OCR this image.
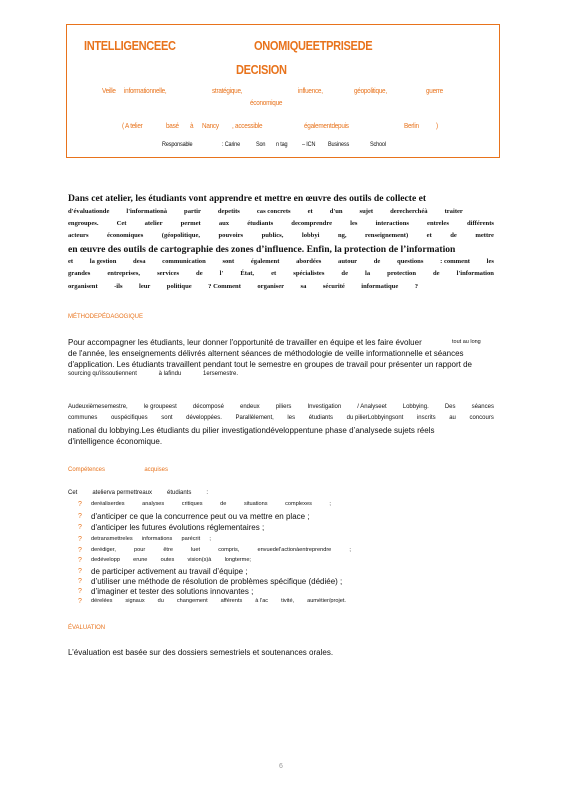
INTELLIGENCEEC	ONOMIQUEETPRISEDE
DECISION
Veille informationnelle,	stratégique,	influence,	géopolitique,	guerre
économique
( A telier	basé à Nancy , accessible	égalementdepuis	Berlin )
Responsable	: Carine Son n tag – ICN Business	School
Dans cet atelier, les étudiants vont apprendre et mettre en œuvre des outils de collecte et
d'évaluationde	l'informationà	partir	depetits	cas concrets	et	d'un	sujet	derecherchéà	traiter
engroupes.	Cet	atelier	permet	aux	étudiants	decomprendre	les	interactions	entreles	différents
acteurs	économiques	(géopolitique,	pouvoirs	publics,	lobbyi	ng,	renseignement)	et	de	mettre
en œuvre des outils de cartographie des zones d’influence. Enfin, la protection de l’information
et	la gestion	desa	communication	sont	également	abordées	autour	de	questions	: comment	les
grandes	entreprises,	services	de	l'	État,	et	spécialistes	de	la	protection	de	l'information
organisent -ils leur politique ? Comment organiser sa sécurité informatique ?
MÉTHODEPÉDAGOGIQUE
Pour accompagner les étudiants, leur donner l'opportunité de travailler en équipe et les faire évoluer	tout au long
de l'année, les enseignements délivrés alternent séances de méthodologie de veille informationnelle et séances
d'application. Les étudiants travaillent pendant tout le semestre en groupes de travail pour présenter un rapport de
sourcing qu'ilssoutiennent	à lafindu	1ersemestre.
Audeuxièmesemestre,	le groupeest	décomposé	endeux	piliers	Investigation	/ Analyseet	Lobbying.	Des	séances
communes ouspécifiques sont développées. Parallèlement, les étudiants du pilierLobbyingsont inscrits au concours
national du lobbying.Les étudiants du pilier investigationdéveloppentune phase d’analysede sujets réels
d'intelligence économique.
Compétences	acquises
Cet atelierva permettreaux étudiants :
? deréaliserdes	analyses	critiques	de	situations	complexes	;
? d'anticiper ce que la concurrence peut ou va mettre en place ;
? d'anticiper les futures évolutions réglementaires ;
? detransmettreles informations parécrit ;
? derédiger,	pour	être	luet	compris,	envuedel'actionàentreprendre	;
? dedévelopp erune outes vision(s)à longterme;
? de participer activement au travail d’équipe ;
? d’utiliser une méthode de résolution de problèmes spécifique (dédiée) ;
? d’imaginer et tester des solutions innovantes ;
? dérelées signaux du changement afférents à l'ac tivité, aumétier/projet.
ÉVALUATION
L’évaluation est basée sur des dossiers semestriels et soutenances orales.
6
